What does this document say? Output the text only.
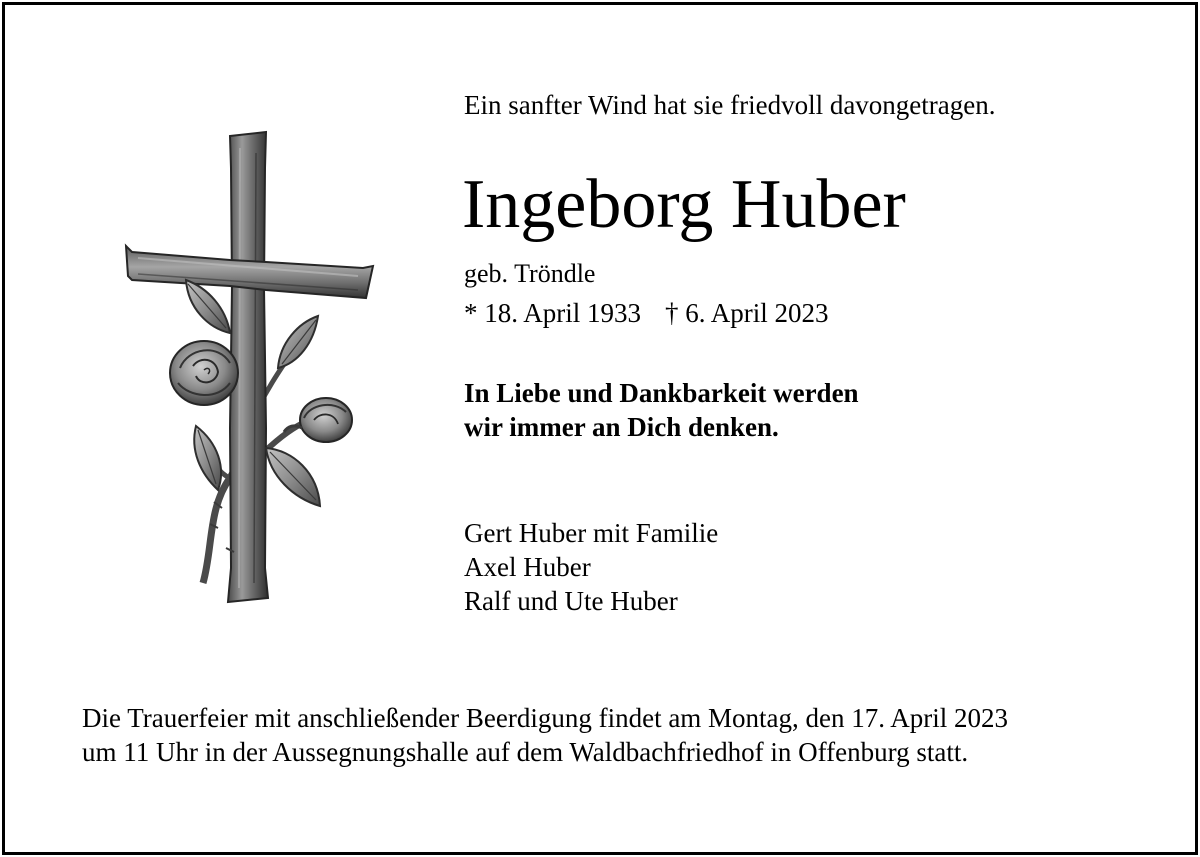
Ein sanfter Wind hat sie friedvoll davongetragen.
Ingeborg Huber
geb. Tröndle
* 18. April 1933 † 6. April 2023
In Liebe und Dankbarkeit werden
wir immer an Dich denken.
Gert Huber mit Familie
Axel Huber
Ralf und Ute Huber
Die Trauerfeier mit anschließender Beerdigung findet am Montag, den 17. April 2023
um 11 Uhr in der Aussegnungshalle auf dem Waldbachfriedhof in Offenburg statt.
